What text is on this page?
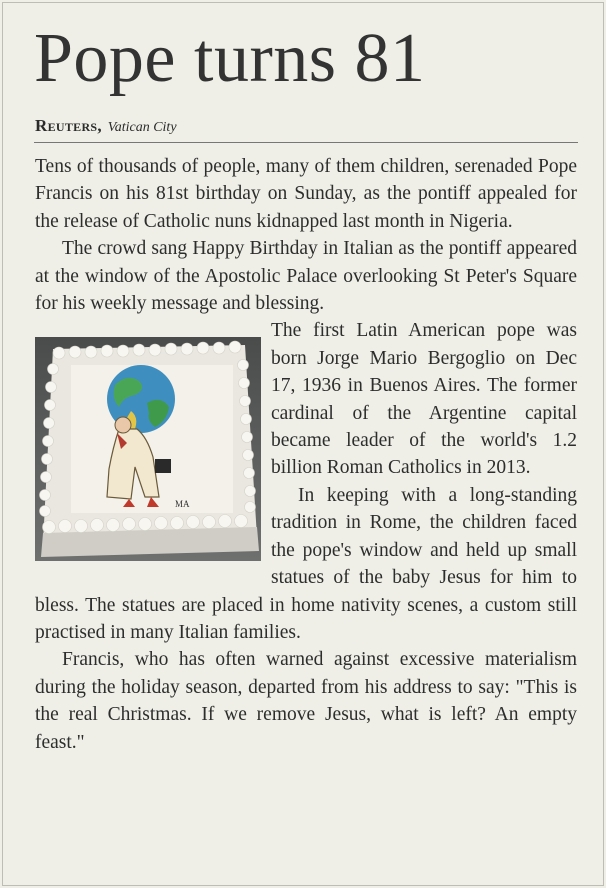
Pope turns 81
Reuters, Vatican City

Tens of thousands of people, many of them children, serenaded Pope Francis on his 81st birthday on Sunday, as the pontiff appealed for the release of Catholic nuns kidnapped last month in Nigeria.

The crowd sang Happy Birthday in Italian as the pontiff appeared at the window of the Apostolic Palace overlooking St Peter's Square for his weekly message and blessing.

MA

The first Latin American pope was born Jorge Mario Bergoglio on Dec 17, 1936 in Buenos Aires. The former cardinal of the Argentine capital became leader of the world's 1.2 billion Roman Catholics in 2013.

In keeping with a long-standing tradition in Rome, the children faced the pope's window and held up small statues of the baby Jesus for him to bless. The statues are placed in home nativity scenes, a custom still practised in many Italian families.

Francis, who has often warned against excessive materialism during the holiday season, departed from his address to say: "This is the real Christmas. If we remove Jesus, what is left? An empty feast."
